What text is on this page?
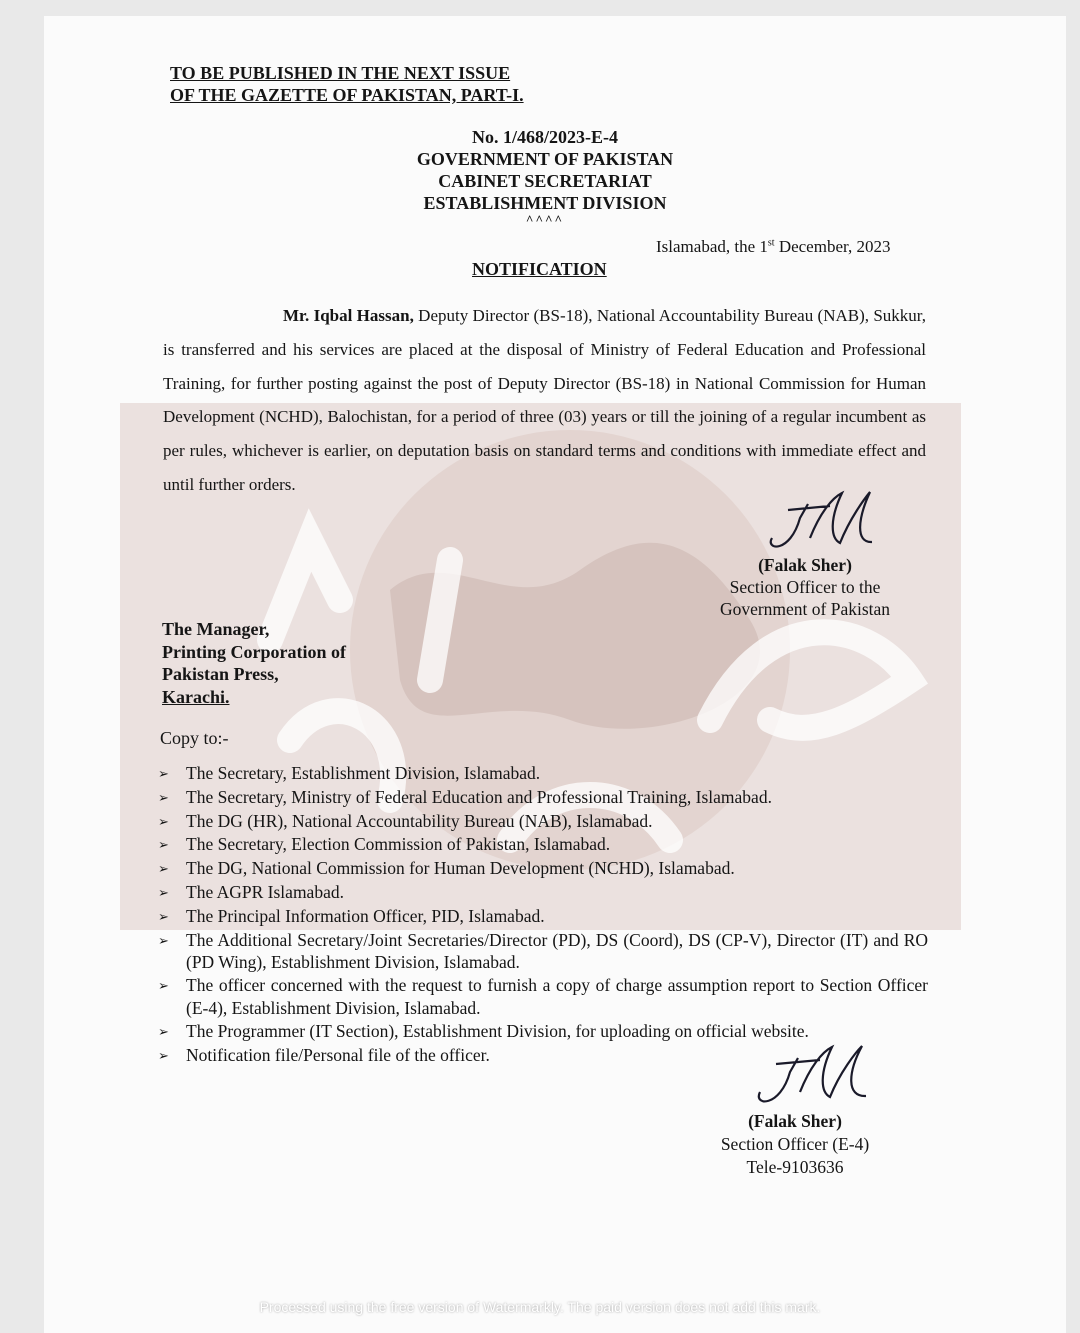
TO BE PUBLISHED IN THE NEXT ISSUE
OF THE GAZETTE OF PAKISTAN, PART-I.
No. 1/468/2023-E-4
GOVERNMENT OF PAKISTAN
CABINET SECRETARIAT
ESTABLISHMENT DIVISION
^^^^
Islamabad, the 1st December, 2023
NOTIFICATION
Mr. Iqbal Hassan, Deputy Director (BS-18), National Accountability Bureau (NAB), Sukkur, is transferred and his services are placed at the disposal of Ministry of Federal Education and Professional Training, for further posting against the post of Deputy Director (BS-18) in National Commission for Human Development (NCHD), Balochistan, for a period of three (03) years or till the joining of a regular incumbent as per rules, whichever is earlier, on deputation basis on standard terms and conditions with immediate effect and until further orders.
(Falak Sher)
Section Officer to the
Government of Pakistan
The Manager,
Printing Corporation of
Pakistan Press,
Karachi.
Copy to:-
➢ The Secretary, Establishment Division, Islamabad.
➢ The Secretary, Ministry of Federal Education and Professional Training, Islamabad.
➢ The DG (HR), National Accountability Bureau (NAB), Islamabad.
➢ The Secretary, Election Commission of Pakistan, Islamabad.
➢ The DG, National Commission for Human Development (NCHD), Islamabad.
➢ The AGPR Islamabad.
➢ The Principal Information Officer, PID, Islamabad.
➢ The Additional Secretary/Joint Secretaries/Director (PD), DS (Coord), DS (CP-V), Director (IT) and RO (PD Wing), Establishment Division, Islamabad.
➢ The officer concerned with the request to furnish a copy of charge assumption report to Section Officer (E-4), Establishment Division, Islamabad.
➢ The Programmer (IT Section), Establishment Division, for uploading on official website.
➢ Notification file/Personal file of the officer.
(Falak Sher)
Section Officer (E-4)
Tele-9103636
Processed using the free version of Watermarkly. The paid version does not add this mark.
